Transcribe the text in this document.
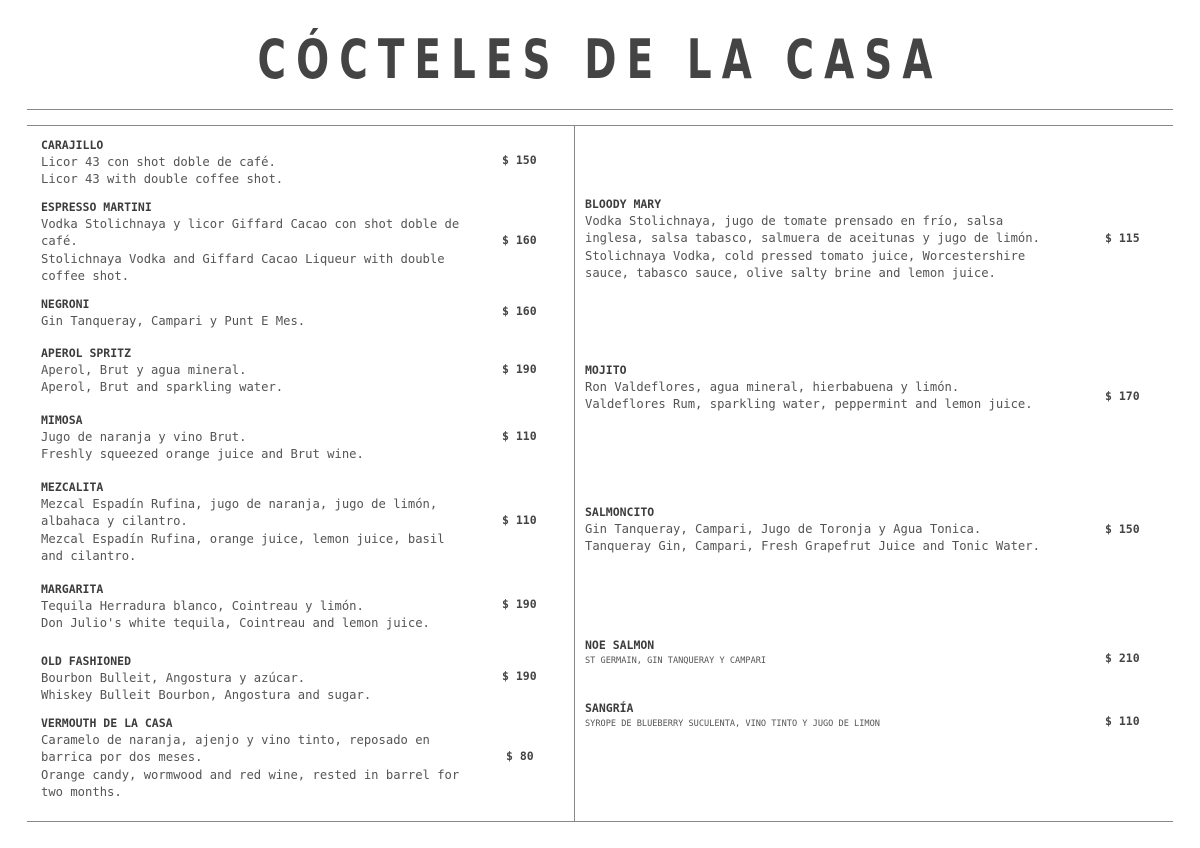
CÓCTELES DE LA CASA
CARAJILLO
Licor 43 con shot doble de café.
Licor 43 with double coffee shot.
$ 150
ESPRESSO MARTINI
Vodka Stolichnaya y licor Giffard Cacao con shot doble de café.
Stolichnaya Vodka and Giffard Cacao Liqueur with double coffee shot.
$ 160
NEGRONI
Gin Tanqueray, Campari y Punt E Mes.
$ 160
APEROL SPRITZ
Aperol, Brut y agua mineral.
Aperol, Brut and sparkling water.
$ 190
MIMOSA
Jugo de naranja y vino Brut.
Freshly squeezed orange juice and Brut wine.
$ 110
MEZCALITA
Mezcal Espadín Rufina, jugo de naranja, jugo de limón, albahaca y cilantro.
Mezcal Espadín Rufina, orange juice, lemon juice, basil and cilantro.
$ 110
MARGARITA
Tequila Herradura blanco, Cointreau y limón.
Don Julio's white tequila, Cointreau and lemon juice.
$ 190
OLD FASHIONED
Bourbon Bulleit, Angostura y azúcar.
Whiskey Bulleit Bourbon, Angostura and sugar.
$ 190
VERMOUTH DE LA CASA
Caramelo de naranja, ajenjo y vino tinto, reposado en barrica por dos meses.
Orange candy, wormwood and red wine, rested in barrel for two months.
$ 80
BLOODY MARY
Vodka Stolichnaya, jugo de tomate prensado en frío, salsa inglesa, salsa tabasco, salmuera de aceitunas y jugo de limón.
Stolichnaya Vodka, cold pressed tomato juice, Worcestershire sauce, tabasco sauce, olive salty brine and lemon juice.
$ 115
MOJITO
Ron Valdeflores, agua mineral, hierbabuena y limón.
Valdeflores Rum, sparkling water, peppermint and lemon juice.
$ 170
SALMONCITO
Gin Tanqueray, Campari, Jugo de Toronja y Agua Tonica.
Tanqueray Gin, Campari, Fresh Grapefrut Juice and Tonic Water.
$ 150
NOE SALMON
ST GERMAIN, GIN TANQUERAY Y CAMPARI	$ 210
SANGRÍA
SYROPE DE BLUEBERRY SUCULENTA, VINO TINTO Y JUGO DE LIMON	$ 110
